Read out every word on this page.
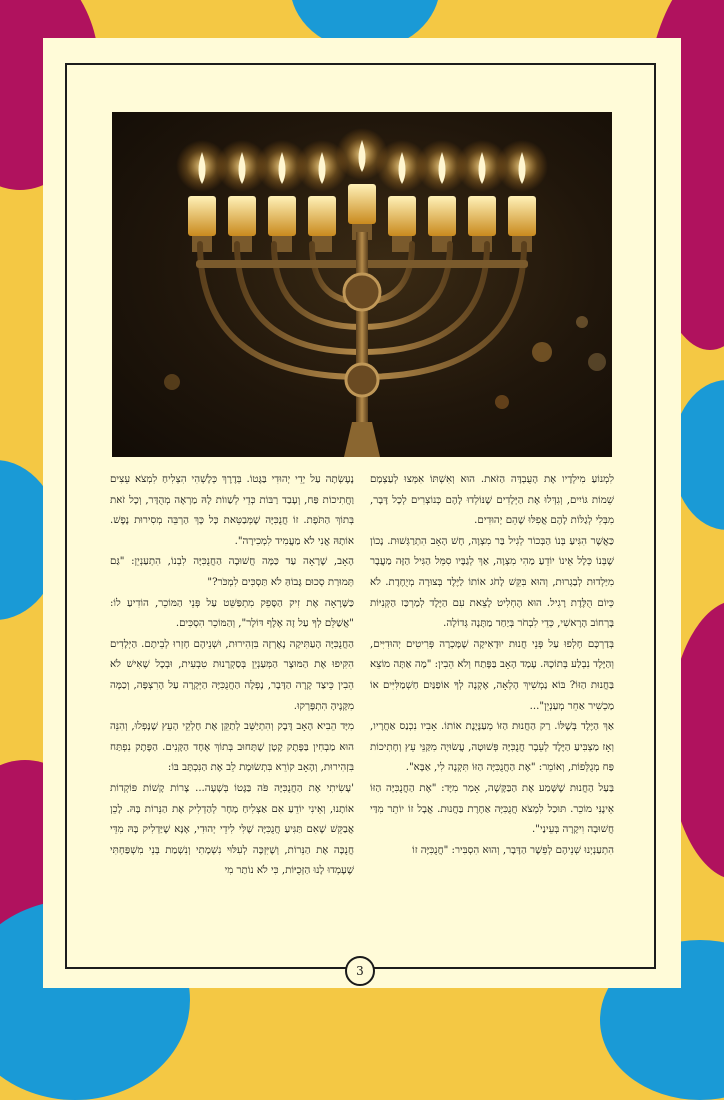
לִמְנוֹעַ מִילְדָיו אֶת הָעֻבְדָּה הַזֹּאת. הוּא וְאִשְׁתּוֹ אִמְּצוּ לְעַצְמָם שֵׁמוֹת גּוֹיִים, וְגִדְּלוּ אֶת הַיְּלָדִים שֶׁנּוֹלְדוּ לָהֶם כְּנוֹצְרִים לְכָל דָּבָר, מִבְּלִי לְגַלּוֹת לָהֶם אֲפִלּוּ שֶׁהֵם יְהוּדִים.

כַּאֲשֶׁר הִגִּיעַ בְּנוֹ הַבְּכוֹר לְגִיל בַּר מִצְוָה, חָשׁ הָאָב הִתְרַגְּשׁוּת. נָכוֹן שֶׁבְּנוֹ כְּלָל אֵינוֹ יוֹדֵעַ מַהִי מִצְוָה, אַךְ לְגַבָּיו סִמֵּל הַגִּיל הַזֶּה מַעֲבָר מִיַּלְדוּת לְבַגְרוּת, וְהוּא בִּקֵּשׁ לָחֹג אוֹתוֹ לַיֶּלֶד בְּצוּרָה מְיֻחֶדֶת. לֹא כְּיוֹם הֻלֶּדֶת רָגִיל. הוּא הֶחְלִיט לָצֵאת עִם הַיֶּלֶד לְמַרְכַּז הַקְּנִיּוֹת בָּרְחוֹב הָרָאשִׁי, כְּדֵי לִבְחֹר בְּיַחַד מַתָּנָה גְּדוֹלָה.

בְּדַרְכָּם חָלְפוּ עַל פְּנֵי חֲנוּת יוּדָאִיקָה שֶׁמָּכְרָה פְּרִיטִים יְהוּדִיִּים, וְהַיֶּלֶד נִבְלַע בְּתוֹכָהּ. עָמַד הָאָב בַּפֶּתַח וְלֹא הֵבִין: "מָה אַתָּה מוֹצֵא בַּחֲנוּת הַזּוֹ? בּוֹא נַמְשִׁיךְ הָלְאָה, אֶקְנֶה לְךָ אוֹפַנַּיִם חַשְׁמַלִּיִּים אוֹ מַכְשִׁיר אַחֵר מְעַנְיֵן"...

אַךְ הַיֶּלֶד בְּשֶׁלּוֹ. רַק הַחֲנוּת הַזּוֹ מְעַנֶּיֶנֶת אוֹתוֹ. אָבִיו נִכְנַס אַחֲרָיו, וְאָז מַצְבִּיעַ הַיֶּלֶד לְעֵבֶר חֲנֻכִּיָּה פְּשׁוּטָה, עֲשׂוּיָה מִקַּנֵּי עֵץ וְחָתִיכוֹת פַּח מְגֻלְּפוֹת, וְאוֹמֵר: "אֶת הַחֲנֻכִּיָּה הַזּוֹ תִּקְנֶה לִי, אַבָּא".

בַּעַל הַחֲנוּת שֶׁשָּׁמַע אֶת הַבַּקָּשָׁה, אָמַר מִיָּד: "אֶת הַחֲנֻכִּיָּה הַזּוֹ אֵינֶנִּי מוֹכֵר. תּוּכַל לִמְצֹא חֲנֻכִּיָּה אַחֶרֶת בַּחֲנוּת. אֲבָל זוֹ יוֹתֵר מִדַּי חֲשׁוּבָה וִיקָרָה בְּעֵינַי".

הִתְעַנְיְנוּ שְׁנֵיהֶם לְפֵשֶׁר הַדָּבָר, וְהוּא הִסְבִּיר: "חֲנֻכִּיָּה זוֹ

נֶעֶשְׂתָה עַל יְדֵי יְהוּדִי בַּגֶּטוֹ. בְּדֶרֶךְ כְּלָשְׁהִי הִצְלִיחַ לִמְצֹא עֵצִים וַחֲתִיכוֹת פַּח, וְעָבַד רַבּוֹת כְּדֵי לְשַׁווֹת לָהּ מַרְאֶה מְהֻדָּר, וְכָל זֹאת בְּתוֹךְ הַתֹּפֶת. זוֹ חֲנֻכִּיָּה שֶׁמְּבַטֵּאת כָּל כָּךְ הַרְבֵּה מְסִירוּת נֶפֶשׁ. אוֹתָהּ אֲנִי לֹא מַעֲמִיד לִמְכִירָה".

הָאָב, שֶׁרָאָה עַד כַּמָּה חֲשׁוּבָה הַחֲנֻכִּיָּה לִבְנוֹ, הִתְעַנְיֵן: "גַּם תְּמוּרַת סְכוּם גָּבוֹהַּ לֹא תַּסְכִּים לִמְכֹּר?"

כַּשֶּׁרָאָה אֶת זִיק הַסָּפֵק מִתְפַּשֵּׁט עַל פְּנֵי הַמּוֹכֵר, הוֹדִיעַ לוֹ: "אֲשַׁלֵּם לְךָ עַל זֶה אֶלֶף דּוֹלָר", וְהַמּוֹכֵר הִסְכִּים.

הַחֲנֻכִּיָּה הָעַתִּיקָה נֶאֶרְזָה בִּזְהִירוּת, וּשְׁנֵיהֶם חָזְרוּ לְבֵיתָם. הַיְּלָדִים הִקִּיפוּ אֶת הַמּוּצָר הַמְּעַנְיֵן בְּסַקְרָנוּת טִבְעִית, וּבְכָל שֶׁאִישׁ לֹא הֵבִין כֵּיצַד קָרָה הַדָּבָר, נָפְלָה הַחֲנֻכִּיָּה הַיְּקָרָה עַל הָרִצְפָּה, וְכַמָּה מִקָּנֶיהָ הִתְפָּרְקוּ.

מִיָּד הֵבִיא הָאָב דֶּבֶק וְהִתְיַשֵּׁב לְתַקֵּן אֶת חֶלְקֵי הָעֵץ שֶׁנָּפְלוּ, וְהִנֵּה הוּא מַבְחִין בַּפֶּתֶק קָטָן שֶׁתָּחוּב בְּתוֹךְ אֶחָד הַקָּנִים. הַפֶּתֶק נִפְתַּח בִּזְהִירוּת, וְהָאָב קוֹרֵא בִּתְשׂוּמֶת לֵב אֶת הַנִּכְתָּב בּוֹ:

'עָשִׂיתִי אֶת הַחֲנֻכִּיָּה פֹּה בַּגֶּטוֹ בְּשָׁעָה... צָרוֹת קָשׁוֹת פּוֹקְדוֹת אוֹתָנוּ, וְאֵינִי יוֹדֵעַ אִם אַצְלִיחַ מָחָר לְהַדְלִיק אֶת הַנֵּרוֹת בָּהּ. לָכֵן אֲבַקֵּשׁ שֶׁאִם תַּגִּיעַ חֲנֻכִּיָּה שֶׁלִּי לִידֵי יְהוּדִי, אָנָּא שֶׁיַּדְלִיק בָּהּ מִדֵּי חֲנֻכָּה אֶת הַנֵּרוֹת, וְשֶׁיִּזְכֶּה לְעִלּוּי נִשְׁמָתִי וְנִשְׁמַת בְּנֵי מִשְׁפַּחְתִּי שֶׁעָמְדוּ לָנוּ הַזְּכֻיּוֹת, כִּי לֹא נוֹתַר מִי

3
